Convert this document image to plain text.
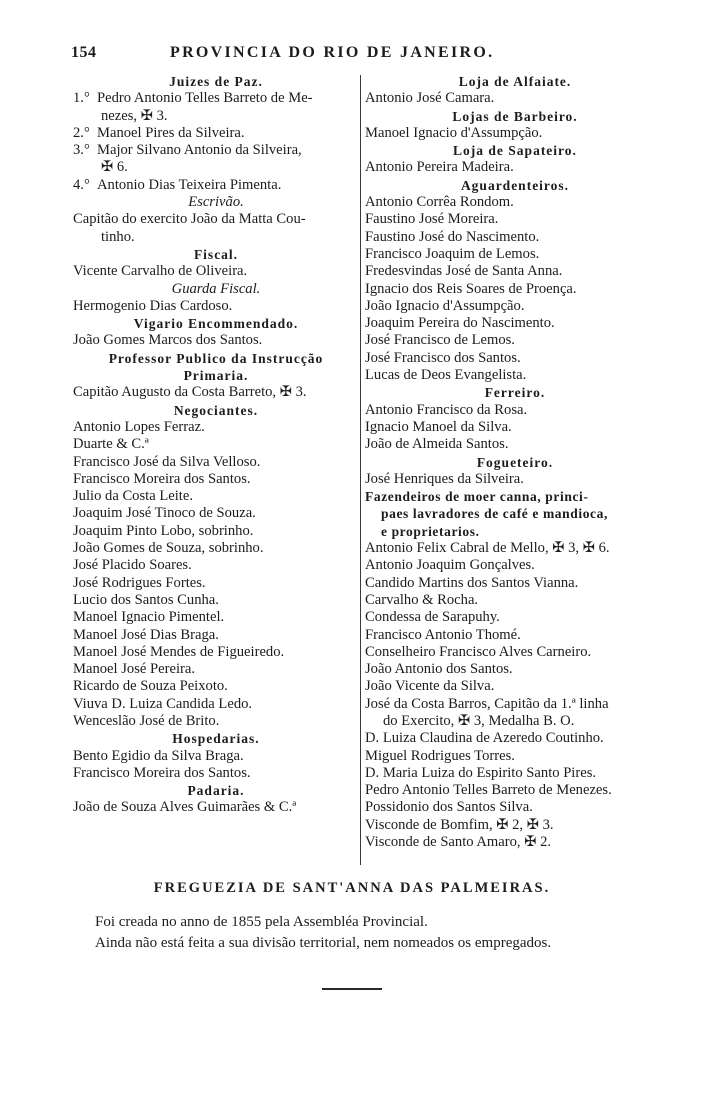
154	PROVINCIA DO RIO DE JANEIRO.
Juizes de Paz.
1.° Pedro Antonio Telles Barreto de Me-
nezes, ✠ 3.
2.° Manoel Pires da Silveira.
3.° Major Silvano Antonio da Silveira,
✠ 6.
4.° Antonio Dias Teixeira Pimenta.
Escrivão.
Capitão do exercito João da Matta Cou-
tinho.
Fiscal.
Vicente Carvalho de Oliveira.
Guarda Fiscal.
Hermogenio Dias Cardoso.
Vigario Encommendado.
João Gomes Marcos dos Santos.
Professor Publico da Instrucção
Primaria.
Capitão Augusto da Costa Barreto, ✠ 3.
Negociantes.
Antonio Lopes Ferraz.
Duarte & C.ª
Francisco José da Silva Velloso.
Francisco Moreira dos Santos.
Julio da Costa Leite.
Joaquim José Tinoco de Souza.
Joaquim Pinto Lobo, sobrinho.
João Gomes de Souza, sobrinho.
José Placido Soares.
José Rodrigues Fortes.
Lucio dos Santos Cunha.
Manoel Ignacio Pimentel.
Manoel José Dias Braga.
Manoel José Mendes de Figueiredo.
Manoel José Pereira.
Ricardo de Souza Peixoto.
Viuva D. Luiza Candida Ledo.
Wenceslão José de Brito.
Hospedarias.
Bento Egidio da Silva Braga.
Francisco Moreira dos Santos.
Padaria.
João de Souza Alves Guimarães & C.ª
Loja de Alfaiate.
Antonio José Camara.
Lojas de Barbeiro.
Manoel Ignacio d'Assumpção.
Loja de Sapateiro.
Antonio Pereira Madeira.
Aguardenteiros.
Antonio Corrêa Rondom.
Faustino José Moreira.
Faustino José do Nascimento.
Francisco Joaquim de Lemos.
Fredesvindas José de Santa Anna.
Ignacio dos Reis Soares de Proença.
João Ignacio d'Assumpção.
Joaquim Pereira do Nascimento.
José Francisco de Lemos.
José Francisco dos Santos.
Lucas de Deos Evangelista.
Ferreiro.
Antonio Francisco da Rosa.
Ignacio Manoel da Silva.
João de Almeida Santos.
Fogueteiro.
José Henriques da Silveira.
Fazendeiros de moer canna, princi-
paes lavradores de café e mandioca,
e proprietarios.
Antonio Felix Cabral de Mello, ✠ 3, ✠ 6.
Antonio Joaquim Gonçalves.
Candido Martins dos Santos Vianna.
Carvalho & Rocha.
Condessa de Sarapuhy.
Francisco Antonio Thomé.
Conselheiro Francisco Alves Carneiro.
João Antonio dos Santos.
João Vicente da Silva.
José da Costa Barros, Capitão da 1.ª linha
do Exercito, ✠ 3, Medalha B. O.
D. Luiza Claudina de Azeredo Coutinho.
Miguel Rodrigues Torres.
D. Maria Luiza do Espirito Santo Pires.
Pedro Antonio Telles Barreto de Menezes.
Possidonio dos Santos Silva.
Visconde de Bomfim, ✠ 2, ✠ 3.
Visconde de Santo Amaro, ✠ 2.
FREGUEZIA DE SANT'ANNA DAS PALMEIRAS.
Foi creada no anno de 1855 pela Assembléa Provincial.
Ainda não está feita a sua divisão territorial, nem nomeados os empregados.
